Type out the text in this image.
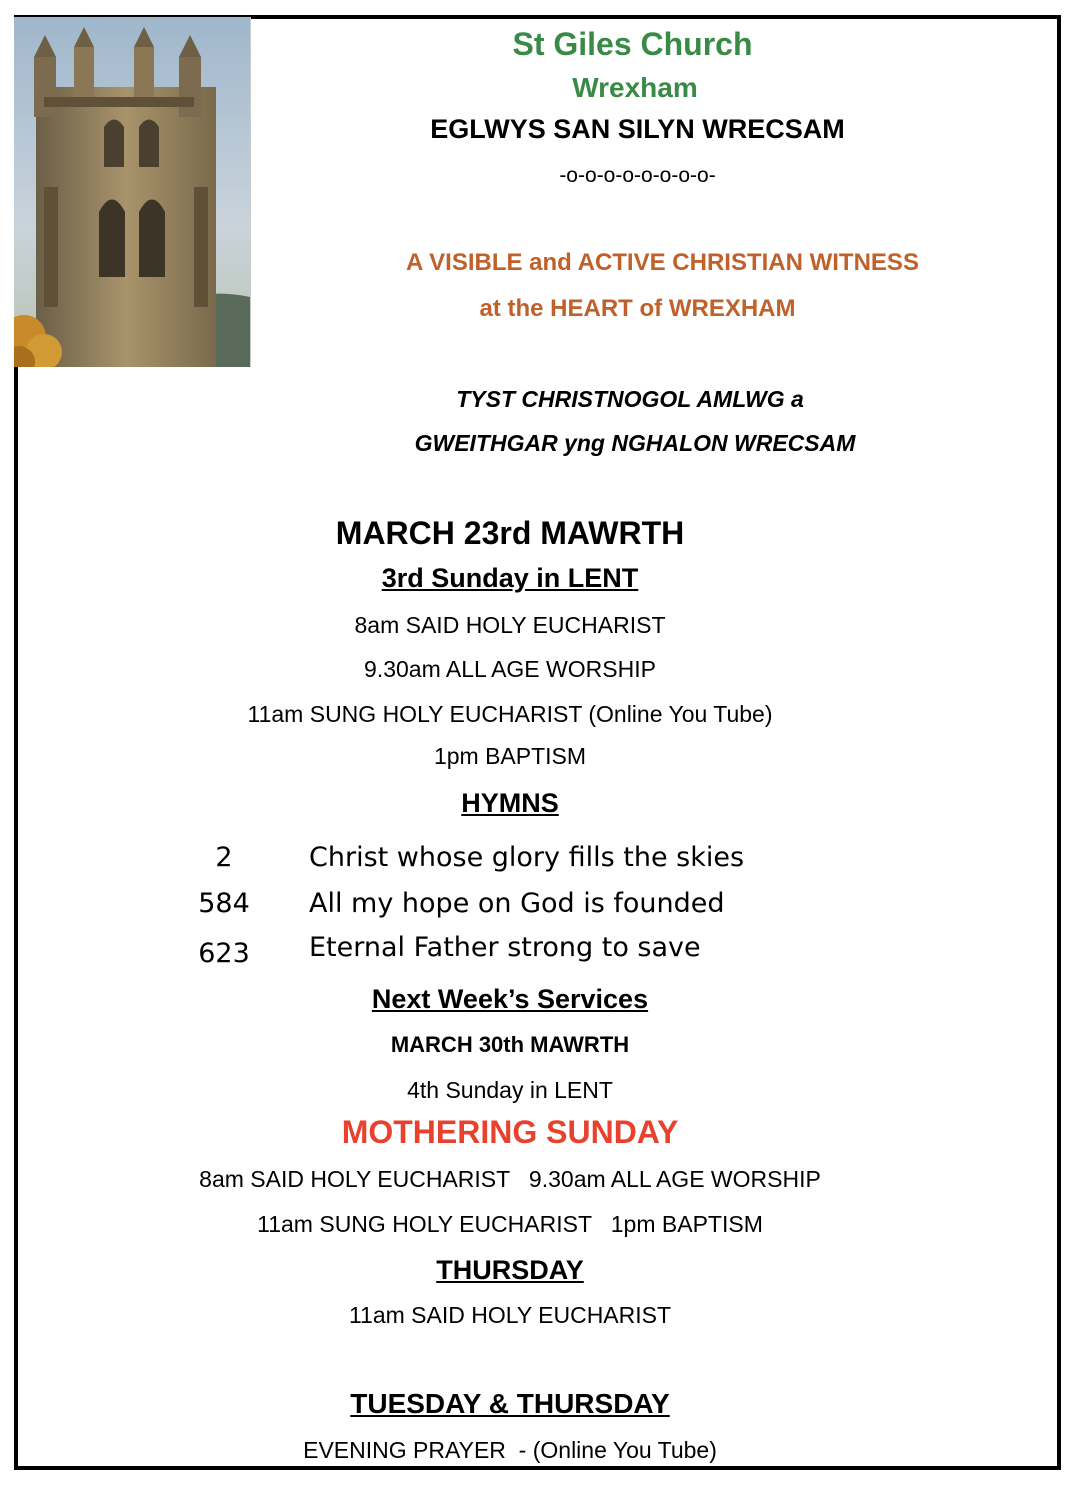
St Giles Church
Wrexham
EGLWYS SAN SILYN WRECSAM
-o-o-o-o-o-o-o-o-
A VISIBLE and ACTIVE CHRISTIAN WITNESS
at the HEART of WREXHAM
TYST CHRISTNOGOL AMLWG a
GWEITHGAR yng NGHALON WRECSAM
MARCH 23rd MAWRTH
3rd Sunday in LENT
8am SAID HOLY EUCHARIST
9.30am ALL AGE WORSHIP
11am SUNG HOLY EUCHARIST (Online You Tube)
1pm BAPTISM
HYMNS
2	Christ whose glory fills the skies
584	All my hope on God is founded
623	Eternal Father strong to save
Next Week’s Services
MARCH 30th MAWRTH
4th Sunday in LENT
MOTHERING SUNDAY
8am SAID HOLY EUCHARIST   9.30am ALL AGE WORSHIP
11am SUNG HOLY EUCHARIST   1pm BAPTISM
THURSDAY
11am SAID HOLY EUCHARIST
TUESDAY & THURSDAY
EVENING PRAYER  - (Online You Tube)
